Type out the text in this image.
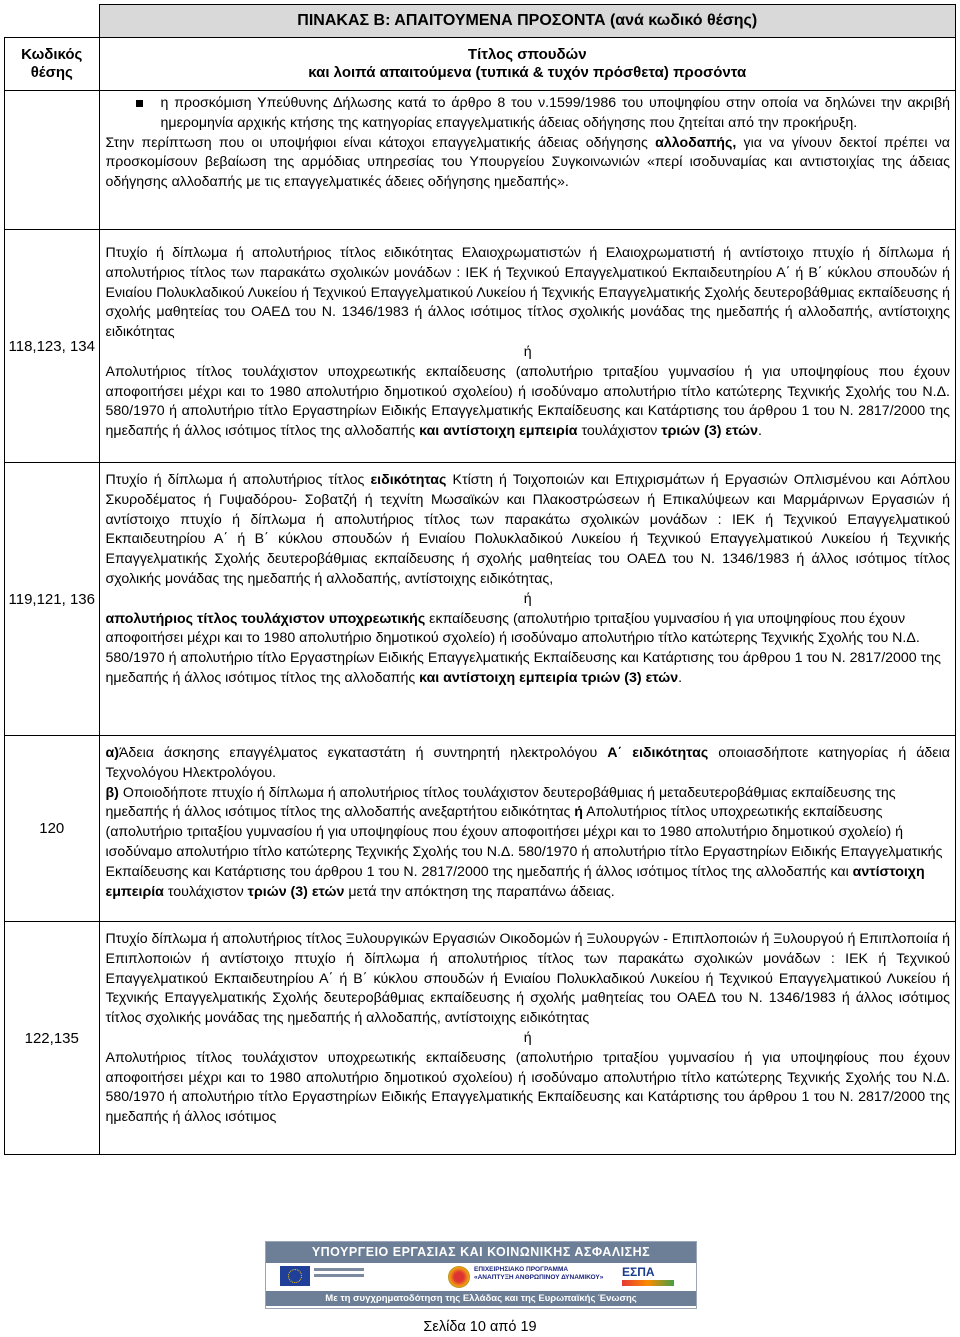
	ΠΙΝΑΚΑΣ Β: ΑΠΑΙΤΟΥΜΕΝΑ ΠΡΟΣΟΝΤΑ (ανά κωδικό θέσης)
Κωδικός θέσης	Τίτλος σπουδών
και λοιπά απαιτούμενα (τυπικά & τυχόν πρόσθετα) προσόντα

η προσκόμιση Υπεύθυνης Δήλωσης κατά το άρθρο 8 του ν.1599/1986 του υποψηφίου στην οποία να δηλώνει την ακριβή ημερομηνία αρχικής κτήσης της κατηγορίας επαγγελματικής άδειας οδήγησης που ζητείται από την προκήρυξη.

Στην περίπτωση που οι υποψήφιοι είναι κάτοχοι επαγγελματικής άδειας οδήγησης αλλοδαπής, για να γίνουν δεκτοί πρέπει να προσκομίσουν βεβαίωση της αρμόδιας υπηρεσίας του Υπουργείου Συγκοινωνιών «περί ισοδυναμίας και αντιστοιχίας της άδειας οδήγησης αλλοδαπής με τις επαγγελματικές άδειες οδήγησης ημεδαπής».

118,123, 134	Πτυχίο ή δίπλωμα ή απολυτήριος τίτλος ειδικότητας Ελαιοχρωματιστών ή Ελαιοχρωματιστή ή αντίστοιχο πτυχίο ή δίπλωμα ή απολυτήριος τίτλος των παρακάτω σχολικών μονάδων : ΙΕΚ ή Τεχνικού Επαγγελματικού Εκπαιδευτηρίου Α΄ ή Β΄ κύκλου σπουδών ή Ενιαίου Πολυκλαδικού Λυκείου ή Τεχνικού Επαγγελματικού Λυκείου ή Τεχνικής Επαγγελματικής Σχολής δευτεροβάθμιας εκπαίδευσης ή σχολής μαθητείας του ΟΑΕΔ του Ν. 1346/1983 ή άλλος ισότιμος τίτλος σχολικής μονάδας της ημεδαπής ή αλλοδαπής, αντίστοιχης ειδικότητας

ή

Απολυτήριος τίτλος τουλάχιστον υποχρεωτικής εκπαίδευσης (απολυτήριο τριταξίου γυμνασίου ή για υποψηφίους που έχουν αποφοιτήσει μέχρι και το 1980 απολυτήριο δημοτικού σχολείου) ή ισοδύναμο απολυτήριο τίτλο κατώτερης Τεχνικής Σχολής του Ν.Δ. 580/1970 ή απολυτήριο τίτλο Εργαστηρίων Ειδικής Επαγγελματικής Εκπαίδευσης και Κατάρτισης του άρθρου 1 του Ν. 2817/2000 της ημεδαπής ή άλλος ισότιμος τίτλος της αλλοδαπής και αντίστοιχη εμπειρία τουλάχιστον τριών (3) ετών.

119,121, 136	Πτυχίο ή δίπλωμα ή απολυτήριος τίτλος ειδικότητας Κτίστη ή Τοιχοποιών και Επιχρισμάτων ή Εργασιών Οπλισμένου και Αόπλου Σκυροδέματος ή Γυψαδόρου- Σοβατζή ή τεχνίτη Μωσαϊκών και Πλακοστρώσεων ή Επικαλύψεων και Μαρμάρινων Εργασιών ή αντίστοιχο πτυχίο ή δίπλωμα ή απολυτήριος τίτλος των παρακάτω σχολικών μονάδων : ΙΕΚ ή Τεχνικού Επαγγελματικού Εκπαιδευτηρίου Α΄ ή Β΄ κύκλου σπουδών ή Ενιαίου Πολυκλαδικού Λυκείου ή Τεχνικού Επαγγελματικού Λυκείου ή Τεχνικής Επαγγελματικής Σχολής δευτεροβάθμιας εκπαίδευσης ή σχολής μαθητείας του ΟΑΕΔ του Ν. 1346/1983 ή άλλος ισότιμος τίτλος σχολικής μονάδας της ημεδαπής ή αλλοδαπής, αντίστοιχης ειδικότητας,

ή

απολυτήριος τίτλος τουλάχιστον υποχρεωτικής εκπαίδευσης (απολυτήριο τριταξίου γυμνασίου ή για υποψηφίους που έχουν αποφοιτήσει μέχρι και το 1980 απολυτήριο δημοτικού σχολείο) ή ισοδύναμο απολυτήριο τίτλο κατώτερης Τεχνικής Σχολής του Ν.Δ. 580/1970 ή απολυτήριο τίτλο Εργαστηρίων Ειδικής Επαγγελματικής Εκπαίδευσης και Κατάρτισης του άρθρου 1 του Ν. 2817/2000 της ημεδαπής ή άλλος ισότιμος τίτλος της αλλοδαπής και αντίστοιχη εμπειρία τριών (3) ετών.

120	α)Άδεια άσκησης επαγγέλματος εγκαταστάτη ή συντηρητή ηλεκτρολόγου Α΄ ειδικότητας οποιασδήποτε κατηγορίας ή άδεια Τεχνολόγου Ηλεκτρολόγου.

β) Οποιοδήποτε πτυχίο ή δίπλωμα ή απολυτήριος τίτλος τουλάχιστον δευτεροβάθμιας ή μεταδευτεροβάθμιας εκπαίδευσης της ημεδαπής ή άλλος ισότιμος τίτλος της αλλοδαπής ανεξαρτήτου ειδικότητας ή Απολυτήριος τίτλος υποχρεωτικής εκπαίδευσης (απολυτήριο τριταξίου γυμνασίου ή για υποψηφίους που έχουν αποφοιτήσει μέχρι και το 1980 απολυτήριο δημοτικού σχολείο) ή ισοδύναμο απολυτήριο τίτλο κατώτερης Τεχνικής Σχολής του Ν.Δ. 580/1970 ή απολυτήριο τίτλο Εργαστηρίων Ειδικής Επαγγελματικής Εκπαίδευσης και Κατάρτισης του άρθρου 1 του Ν. 2817/2000 της ημεδαπής ή άλλος ισότιμος τίτλος της αλλοδαπής και αντίστοιχη εμπειρία τουλάχιστον τριών (3) ετών μετά την απόκτηση της παραπάνω άδειας.

122,135	Πτυχίο δίπλωμα ή απολυτήριος τίτλος Ξυλουργικών Εργασιών Οικοδομών ή Ξυλουργών - Επιπλοποιών ή Ξυλουργού ή Επιπλοποιία ή Επιπλοποιών ή αντίστοιχο πτυχίο ή δίπλωμα ή απολυτήριος τίτλος των παρακάτω σχολικών μονάδων : ΙΕΚ ή Τεχνικού Επαγγελματικού Εκπαιδευτηρίου Α΄ ή Β΄ κύκλου σπουδών ή Ενιαίου Πολυκλαδικού Λυκείου ή Τεχνικού Επαγγελματικού Λυκείου ή Τεχνικής Επαγγελματικής Σχολής δευτεροβάθμιας εκπαίδευσης ή σχολής μαθητείας του ΟΑΕΔ του Ν. 1346/1983 ή άλλος ισότιμος τίτλος σχολικής μονάδας της ημεδαπής ή αλλοδαπής, αντίστοιχης ειδικότητας

ή

Απολυτήριος τίτλος τουλάχιστον υποχρεωτικής εκπαίδευσης (απολυτήριο τριταξίου γυμνασίου ή για υποψηφίους που έχουν αποφοιτήσει μέχρι και το 1980 απολυτήριο δημοτικού σχολείου) ή ισοδύναμο απολυτήριο τίτλο κατώτερης Τεχνικής Σχολής του Ν.Δ. 580/1970 ή απολυτήριο τίτλο Εργαστηρίων Ειδικής Επαγγελματικής Εκπαίδευσης και Κατάρτισης του άρθρου 1 του Ν. 2817/2000 της ημεδαπής ή άλλος ισότιμος

ΥΠΟΥΡΓΕΙΟ ΕΡΓΑΣΙΑΣ ΚΑΙ ΚΟΙΝΩΝΙΚΗΣ ΑΣΦΑΛΙΣΗΣ
ΕΠΙΧΕΙΡΗΣΙΑΚΟ ΠΡΟΓΡΑΜΜΑ
«ΑΝΑΠΤΥΞΗ ΑΝΘΡΩΠΙΝΟΥ ΔΥΝΑΜΙΚΟΥ» ΕΣΠΑ
Με τη συγχρηματοδότηση της Ελλάδας και της Ευρωπαϊκής Ένωσης
Σελίδα 10 από 19
